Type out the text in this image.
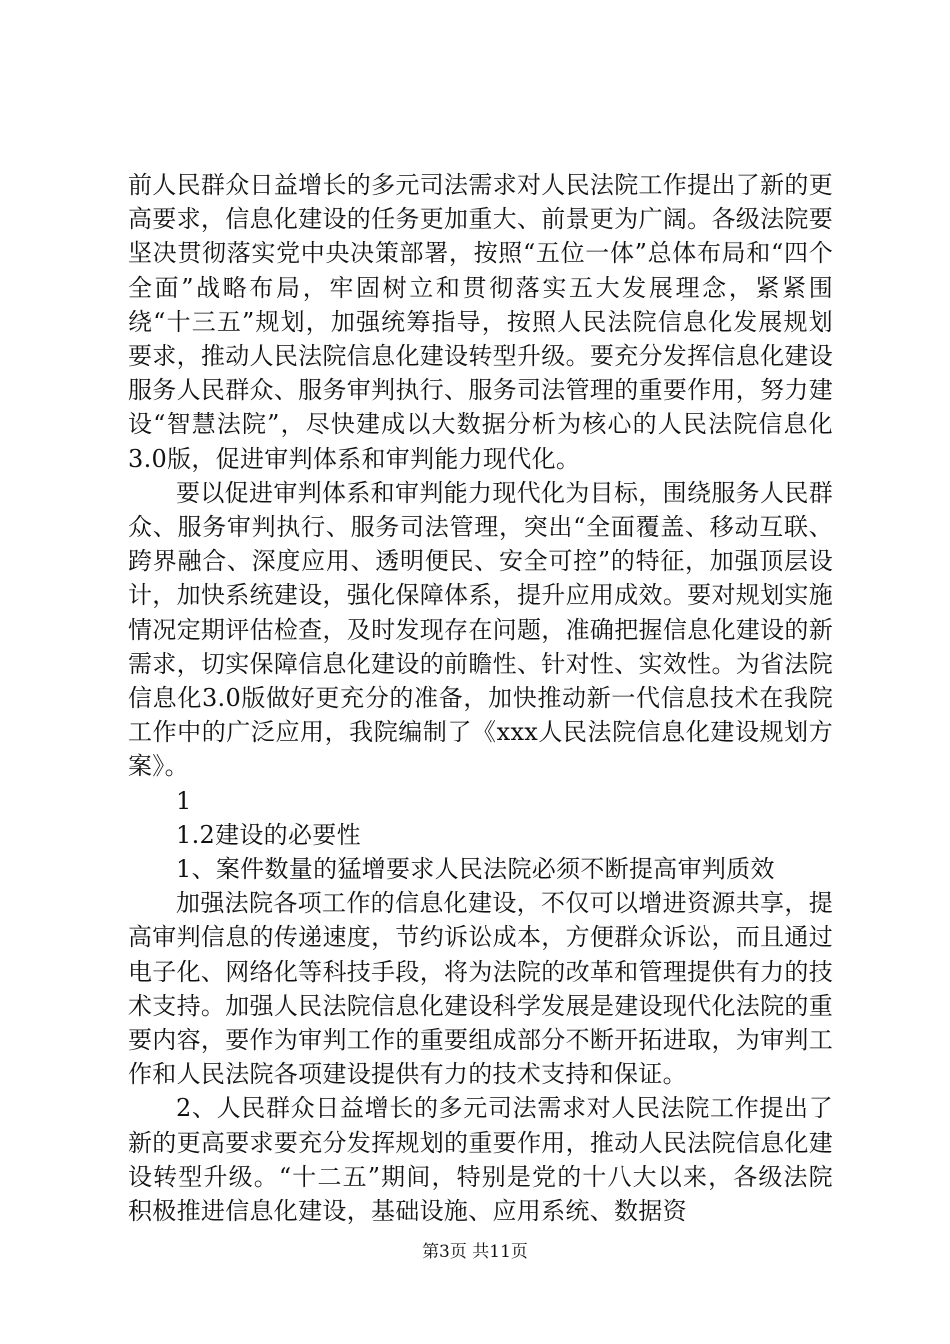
前人民群众日益增长的多元司法需求对人民法院工作提出了新的更高要求，信息化建设的任务更加重大、前景更为广阔。各级法院要坚决贯彻落实党中央决策部署，按照“五位一体”总体布局和“四个全面”战略布局，牢固树立和贯彻落实五大发展理念，紧紧围绕“十三五”规划，加强统筹指导，按照人民法院信息化发展规划要求，推动人民法院信息化建设转型升级。要充分发挥信息化建设服务人民群众、服务审判执行、服务司法管理的重要作用，努力建设“智慧法院”，尽快建成以大数据分析为核心的人民法院信息化3.0版，促进审判体系和审判能力现代化。

要以促进审判体系和审判能力现代化为目标，围绕服务人民群众、服务审判执行、服务司法管理，突出“全面覆盖、移动互联、跨界融合、深度应用、透明便民、安全可控”的特征，加强顶层设计，加快系统建设，强化保障体系，提升应用成效。要对规划实施情况定期评估检查，及时发现存在问题，准确把握信息化建设的新需求，切实保障信息化建设的前瞻性、针对性、实效性。为省法院信息化3.0版做好更充分的准备，加快推动新一代信息技术在我院工作中的广泛应用，我院编制了《xxx人民法院信息化建设规划方案》。

1

1.2建设的必要性

1、案件数量的猛增要求人民法院必须不断提高审判质效

加强法院各项工作的信息化建设，不仅可以增进资源共享，提高审判信息的传递速度，节约诉讼成本，方便群众诉讼，而且通过电子化、网络化等科技手段，将为法院的改革和管理提供有力的技术支持。加强人民法院信息化建设科学发展是建设现代化法院的重要内容，要作为审判工作的重要组成部分不断开拓进取，为审判工作和人民法院各项建设提供有力的技术支持和保证。

2、人民群众日益增长的多元司法需求对人民法院工作提出了新的更高要求要充分发挥规划的重要作用，推动人民法院信息化建设转型升级。“十二五”期间，特别是党的十八大以来，各级法院积极推进信息化建设，基础设施、应用系统、数据资

第3页 共11页
